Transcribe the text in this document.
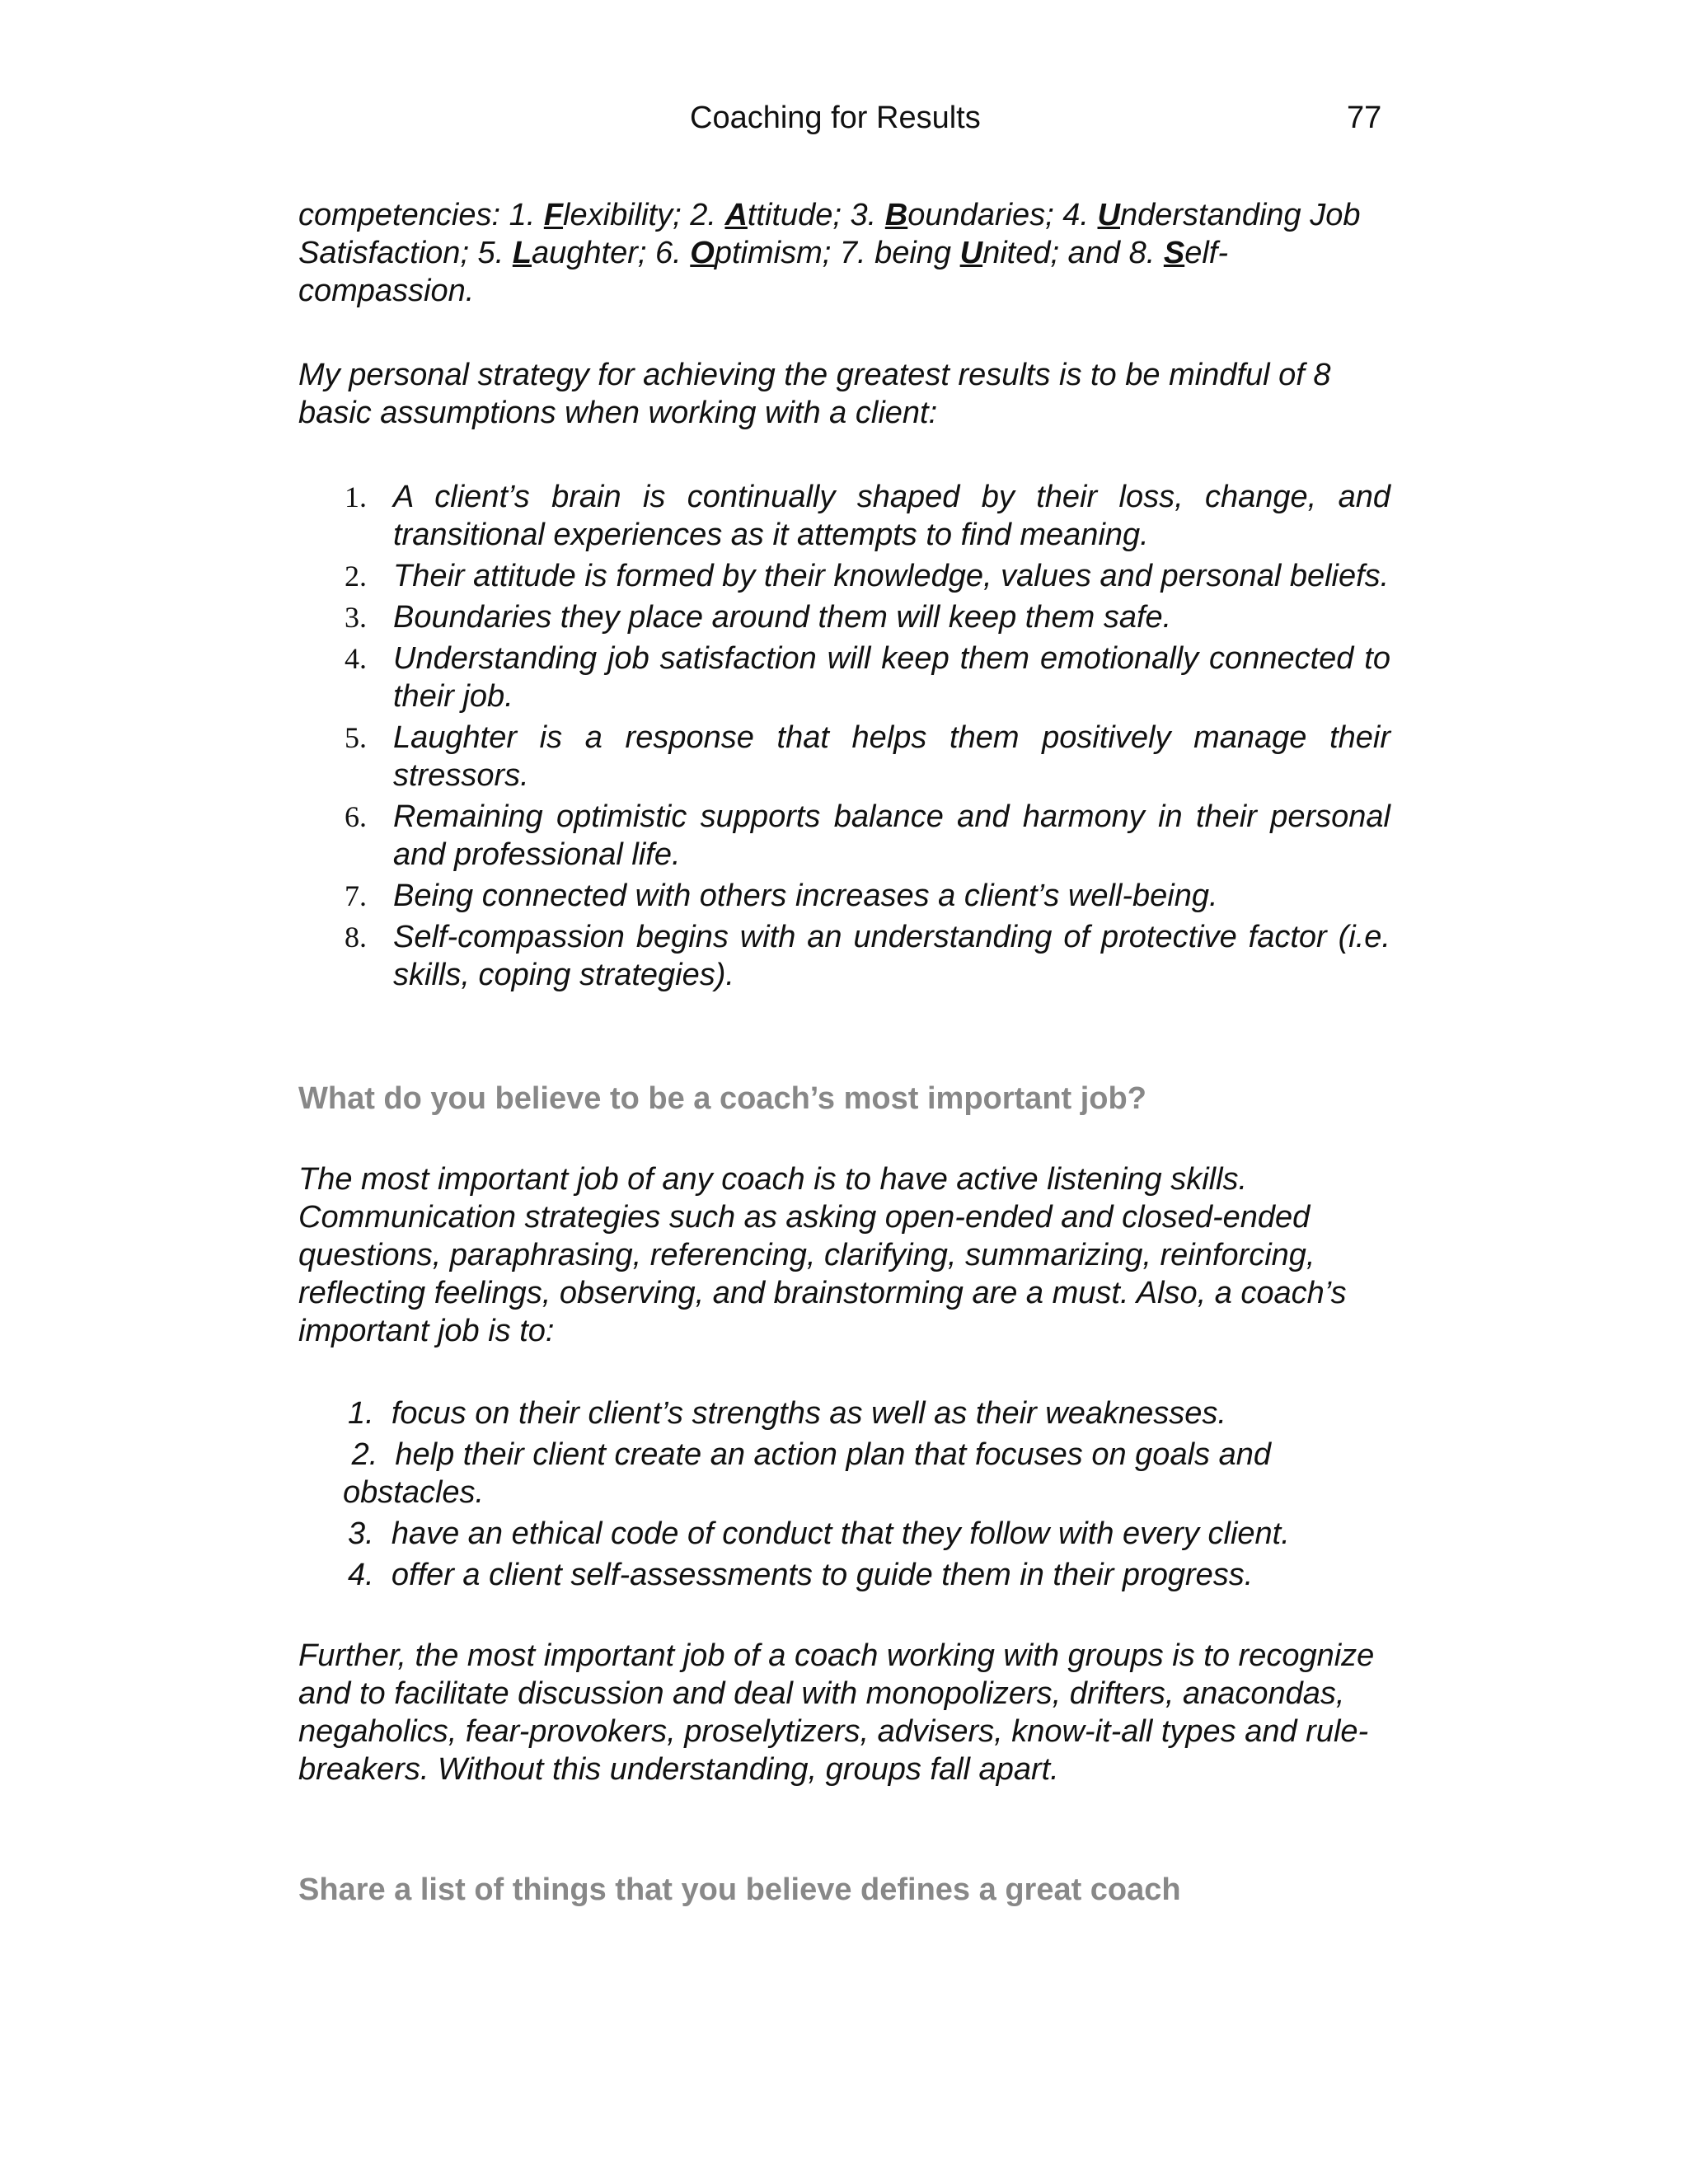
Coaching for Results	77

competencies: 1. Flexibility; 2. Attitude; 3. Boundaries; 4. Understanding Job Satisfaction; 5. Laughter; 6. Optimism; 7. being United; and 8. Self-compassion.

My personal strategy for achieving the greatest results is to be mindful of 8 basic assumptions when working with a client:

1. A client’s brain is continually shaped by their loss, change, and transitional experiences as it attempts to find meaning.
2. Their attitude is formed by their knowledge, values and personal beliefs.
3. Boundaries they place around them will keep them safe.
4. Understanding job satisfaction will keep them emotionally connected to their job.
5. Laughter is a response that helps them positively manage their stressors.
6. Remaining optimistic supports balance and harmony in their personal and professional life.
7. Being connected with others increases a client’s well-being.
8. Self-compassion begins with an understanding of protective factor (i.e. skills, coping strategies).

What do you believe to be a coach’s most important job?

The most important job of any coach is to have active listening skills. Communication strategies such as asking open-ended and closed-ended questions, paraphrasing, referencing, clarifying, summarizing, reinforcing, reflecting feelings, observing, and brainstorming are a must. Also, a coach’s important job is to:

1. focus on their client’s strengths as well as their weaknesses.
2. help their client create an action plan that focuses on goals and obstacles.
3. have an ethical code of conduct that they follow with every client.
4. offer a client self-assessments to guide them in their progress.

Further, the most important job of a coach working with groups is to recognize and to facilitate discussion and deal with monopolizers, drifters, anacondas, negaholics, fear-provokers, proselytizers, advisers, know-it-all types and rule-breakers. Without this understanding, groups fall apart.

Share a list of things that you believe defines a great coach
